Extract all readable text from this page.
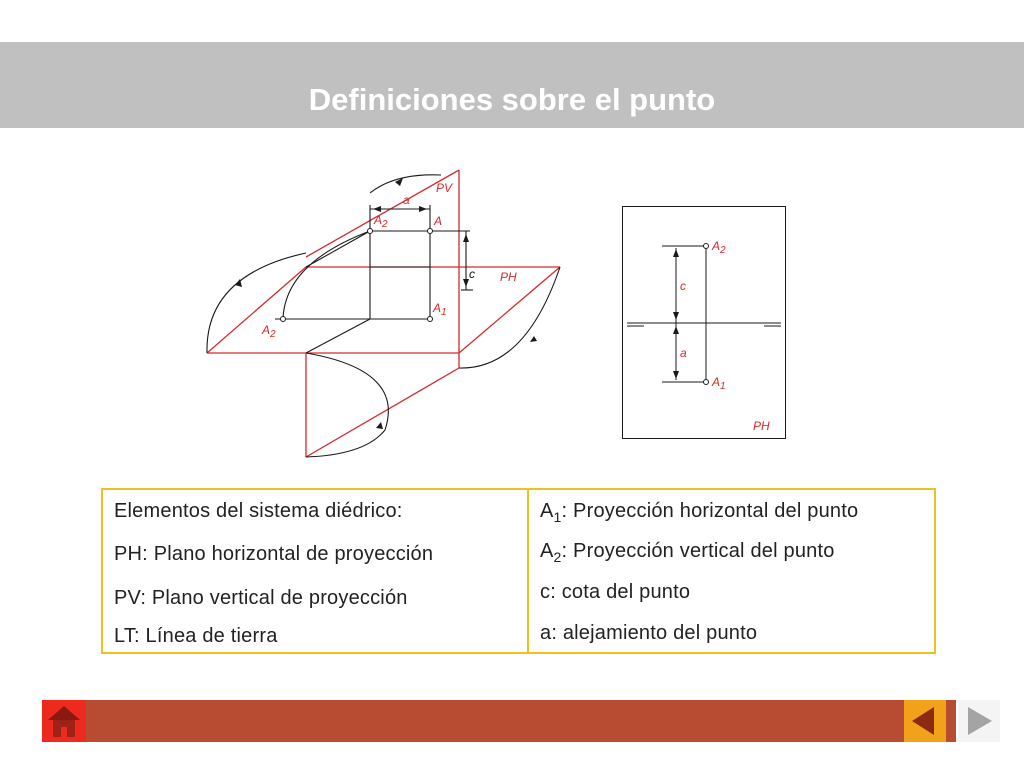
Definiciones sobre el punto
PV
PH
a
c
A
$A_2$
$A_1$
$A_2$
$A_2$
$A_1$
c
a
PH
Elementos del sistema diédrico:
PH: Plano horizontal de proyección
PV: Plano vertical de proyección
LT: Línea de tierra
$A_1$: Proyección horizontal del punto
$A_2$: Proyección vertical del punto
c: cota del punto
a: alejamiento del punto
